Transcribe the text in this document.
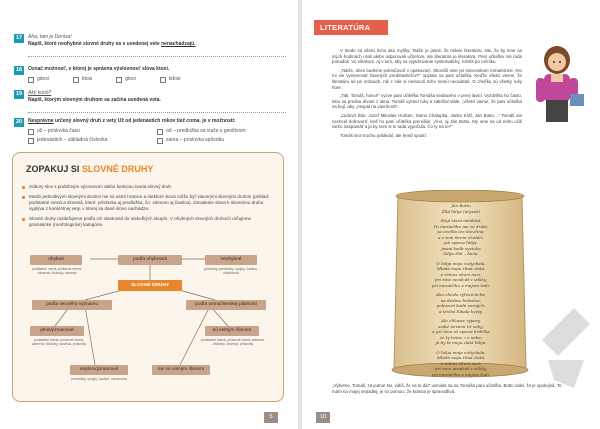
17	Aha, tam je Denisa!
Napíš, ktoré neohybné slovné druhy sa v uvedenej vete nenachádzajú.
18	Označ možnosť, v ktorej je správna výslovnosť slova ktosi.
gdosi	ktosi	gtosi	kdosi
19	Aký kurió?
Napíš, ktorým slovným druhom sa začína uvedená veta.
20	Nesprávne určený slovný druh z vety Už od jedenástich rokov tiež coma. je v možnosti:
už – príslovka času	od – predložka sa viaže s genitívom
jedenástich – základná číslovka	sama – príslovka spôsobu
ZOPAKUJ SI SLOVNÉ DRUHY

Súbory slov s podobným významom alebo funkciou tvoria slovný druh.

Medzi jednotlivými slovnými druhmi nie sú ostré hranice a niektoré slová môžu byť viacerými slovnými druhmi (príklad: podstatné mená a slovesá, ktoré: príslovka aj predložka, čo: zámeno aj častica). Zaradenie slova k slovnému druhu vyplýva z konkrétnej vety, v ktorej sa dané slovo nachádza.

Slovné druhy rozdeľujeme podľa ich vlastností do niekoľkých skupín. V ohybných slovných druhoch určujeme gramatické (morfologické) kategórie.

ohybné	podľa ohybnosti	neohybné
podstatné mená, prídavné mená, zámená, číslovky, slovesá
príslovky, predložky, spojky, častice, citoslovcia
SLOVNÉ DRUHY
podľa vecného významu	podľa vetnočlenskej platnosti
plnovýznamové
podstatné mená, prídavné mená, zámená, číslovky, slovesá, príslovky
sú vetným členom
podstatné mená, prídavné mená, zámená, číslovky, slovesá, príslovky
neplnovýznamové
predložky, spojky, častice, citoslovcia
nie sú vetným členom
5
LITERATÚRA

V triede sú všetci ticho ako myšky. Takže je jasné, že máme literatúru. Nie, že by sme na iných hodinách orali alebo odporovali učiteľom, ale literatúra je literatúra. Pani učiteľka má rada poriadok. Vo všetkom. Aj v tom, aby sa vyjadrovanie systematicky, ročník po ročníku.

„Takže, dnes budeme pokračovať v opakovaní. Skončili sme pri slovenskom romantizme. Kto mi vie vymenovať hlavných predstaviteľov?“ opýtala sa pani učiteľka. Keďže všetci vieme, že literatúru sú pri srdciach, nik z nás si nedovolí ticho nemú neoviataš. O chvíľku sú všetky ruky hore.

„Tak, Tomáš, hovor!“ vyzve pani učiteľka Tomáša sediaceho v prvej lavici. Vyzdvihla ho často, lebo sa predsa dívam z okna. Tomáš vystrel ruky a zakričal stále: „Všetci vieme, že pani učiteľka sa bojí, aby „nespal na vavrínoch“.

„Ľudovít Štúr, Jozef Miloslav Hurban, Samo Chalupka, Janko Kráľ, Ján Botto…“ Tomáš ani nechcel dohovoriť, keď ho pani učiteľka prerušila: „Áno, aj Ján Botto. My sme sa od neho učili niečo naspamäť a ja by som si to rada vypočula. Čo ty na to?“

Tomáš sice trochu pobledol, ale hneď spustí:

Ján Botto
Žltá ľalija (úryvok)
Stojí stará mláďatá,
Po mesiačiku nie sú dráki,
sa uvolila len dievčina;
a v tom šírom chotári,
jak spieva ľalija,
jasná kaďa vyvinka
ľalija žltá – biela.
Ó ľalija moja vzdychala,
Mladá moja žitná zlatá,
a vrtiaci okom noci;
pri mne neodcáš z vďaky,
pri mesiačiku a majom žiali.
Ako chcela rýľová tichá,
na dedine bolestne;
pohovorí kaďa verných,
a trichá ľúbala kvety.
Ale chlopec rýpery,
sväté neviem tri veky;
a pri ňom už spieva hrdička
že ty tráva, i o nebe;
ja by ťa moja zlatá ľalija.
Ó ľalija moja vzdychala,
Mladá moja žitná zlatá,
a vrtiaci okom noci;
pri mne neodcáš z vďaky,
pri mesiačiku a majom žiali.
„Výborne, Tomáš, za jednu! No, vidíš, že sa to dá!“ usmiala sa na Tomáša pani učiteľka. Botto videl, že je spokojná. To mám na mojej nepadlej, je so pomoci, že krásna je spravodlivá.
10
